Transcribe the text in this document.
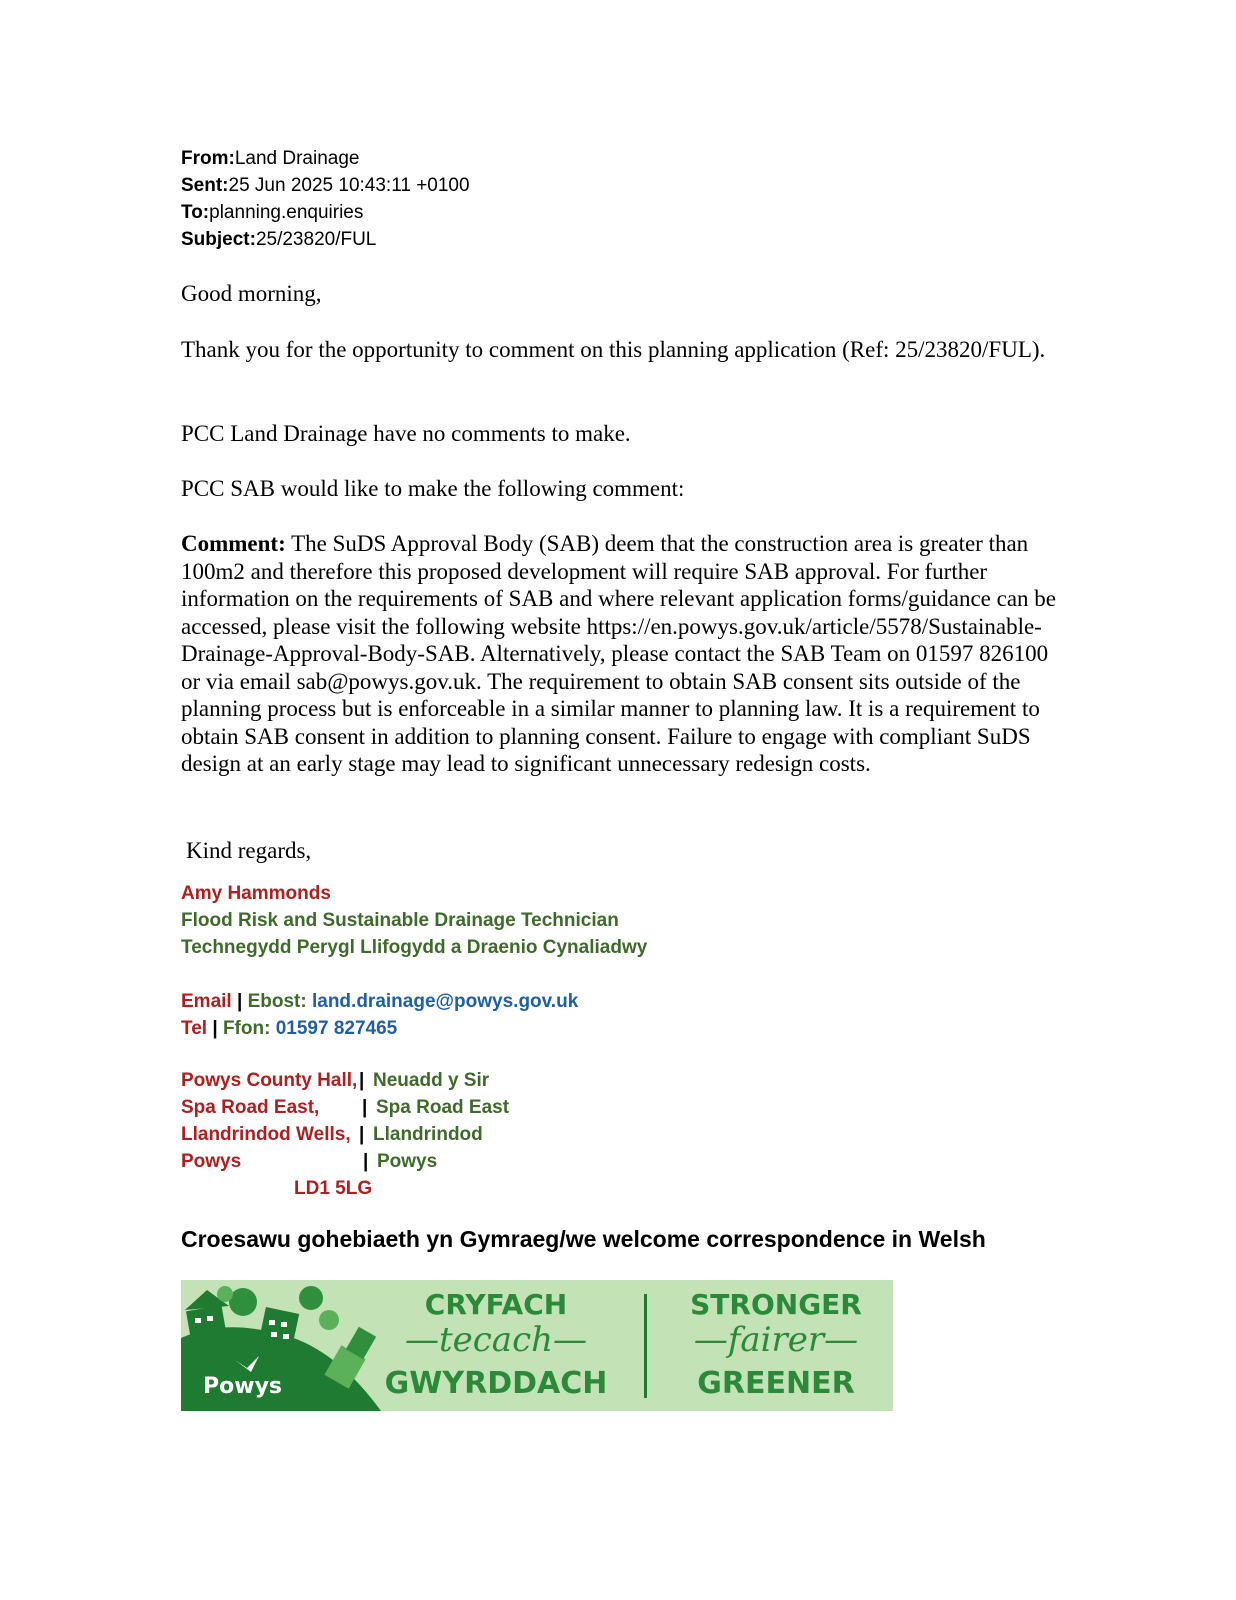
From:Land Drainage
Sent:25 Jun 2025 10:43:11 +0100
To:planning.enquiries
Subject:25/23820/FUL
Good morning,
Thank you for the opportunity to comment on this planning application (Ref: 25/23820/FUL).
PCC Land Drainage have no comments to make.
PCC SAB would like to make the following comment:
Comment: The SuDS Approval Body (SAB) deem that the construction area is greater than 100m2 and therefore this proposed development will require SAB approval. For further information on the requirements of SAB and where relevant application forms/guidance can be accessed, please visit the following website https://en.powys.gov.uk/article/5578/Sustainable-Drainage-Approval-Body-SAB. Alternatively, please contact the SAB Team on 01597 826100 or via email sab@powys.gov.uk. The requirement to obtain SAB consent sits outside of the planning process but is enforceable in a similar manner to planning law. It is a requirement to obtain SAB consent in addition to planning consent. Failure to engage with compliant SuDS design at an early stage may lead to significant unnecessary redesign costs.
Kind regards,
Amy Hammonds
Flood Risk and Sustainable Drainage Technician
Technegydd Perygl Llifogydd a Draenio Cynaliadwy
Email | Ebost: land.drainage@powys.gov.uk
Tel | Ffon: 01597 827465
Powys County Hall, | Neuadd y Sir
Spa Road East, | Spa Road East
Llandrindod Wells, | Llandrindod
Powys	| Powys
LD1 5LG
Croesawu gohebiaeth yn Gymraeg/we welcome correspondence in Welsh
Powys
CRYFACH
—tecach—
GWYRDDACH
STRONGER
—fairer—
GREENER
